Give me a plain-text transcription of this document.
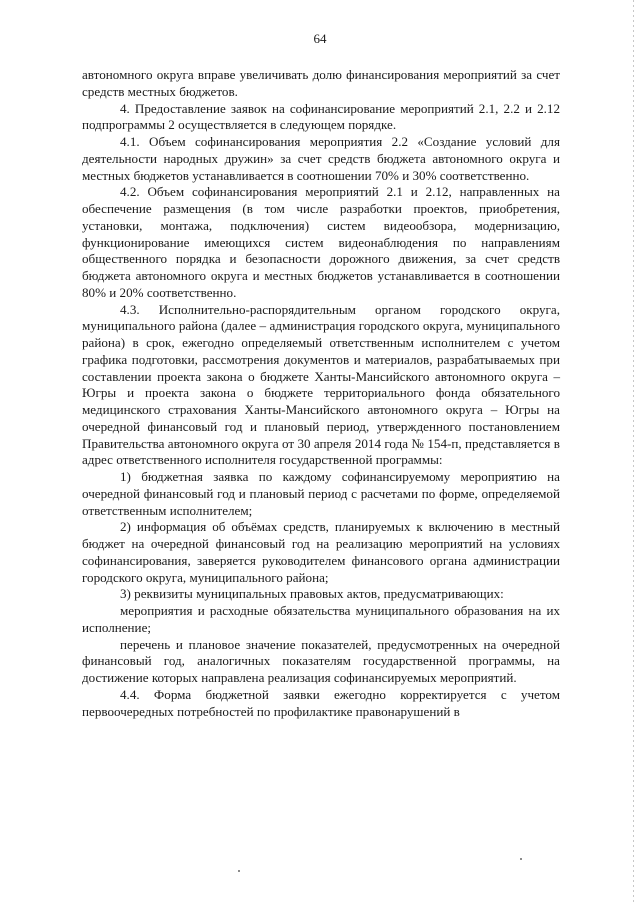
64

автономного округа вправе увеличивать долю финансирования мероприятий за счет средств местных бюджетов.

4. Предоставление заявок на софинансирование мероприятий 2.1, 2.2 и 2.12 подпрограммы 2 осуществляется в следующем порядке.

4.1. Объем софинансирования мероприятия 2.2 «Создание условий для деятельности народных дружин» за счет средств бюджета автономного округа и местных бюджетов устанавливается в соотношении 70% и 30% соответственно.

4.2. Объем софинансирования мероприятий 2.1 и 2.12, направленных на обеспечение размещения (в том числе разработки проектов, приобретения, установки, монтажа, подключения) систем видеообзора, модернизацию, функционирование имеющихся систем видеонаблюдения по направлениям общественного порядка и безопасности дорожного движения, за счет средств бюджета автономного округа и местных бюджетов устанавливается в соотношении 80% и 20% соответственно.

4.3. Исполнительно-распорядительным органом городского округа, муниципального района (далее – администрация городского округа, муниципального района) в срок, ежегодно определяемый ответственным исполнителем с учетом графика подготовки, рассмотрения документов и материалов, разрабатываемых при составлении проекта закона о бюджете Ханты-Мансийского автономного округа – Югры и проекта закона о бюджете территориального фонда обязательного медицинского страхования Ханты-Мансийского автономного округа – Югры на очередной финансовый год и плановый период, утвержденного постановлением Правительства автономного округа от 30 апреля 2014 года № 154-п, представляется в адрес ответственного исполнителя государственной программы:

1) бюджетная заявка по каждому софинансируемому мероприятию на очередной финансовый год и плановый период с расчетами по форме, определяемой ответственным исполнителем;

2) информация об объёмах средств, планируемых к включению в местный бюджет на очередной финансовый год на реализацию мероприятий на условиях софинансирования, заверяется руководителем финансового органа администрации городского округа, муниципального района;

3) реквизиты муниципальных правовых актов, предусматривающих:

мероприятия и расходные обязательства муниципального образования на их исполнение;

перечень и плановое значение показателей, предусмотренных на очередной финансовый год, аналогичных показателям государственной программы, на достижение которых направлена реализация софинансируемых мероприятий.

4.4. Форма бюджетной заявки ежегодно корректируется с учетом первоочередных потребностей по профилактике правонарушений в
